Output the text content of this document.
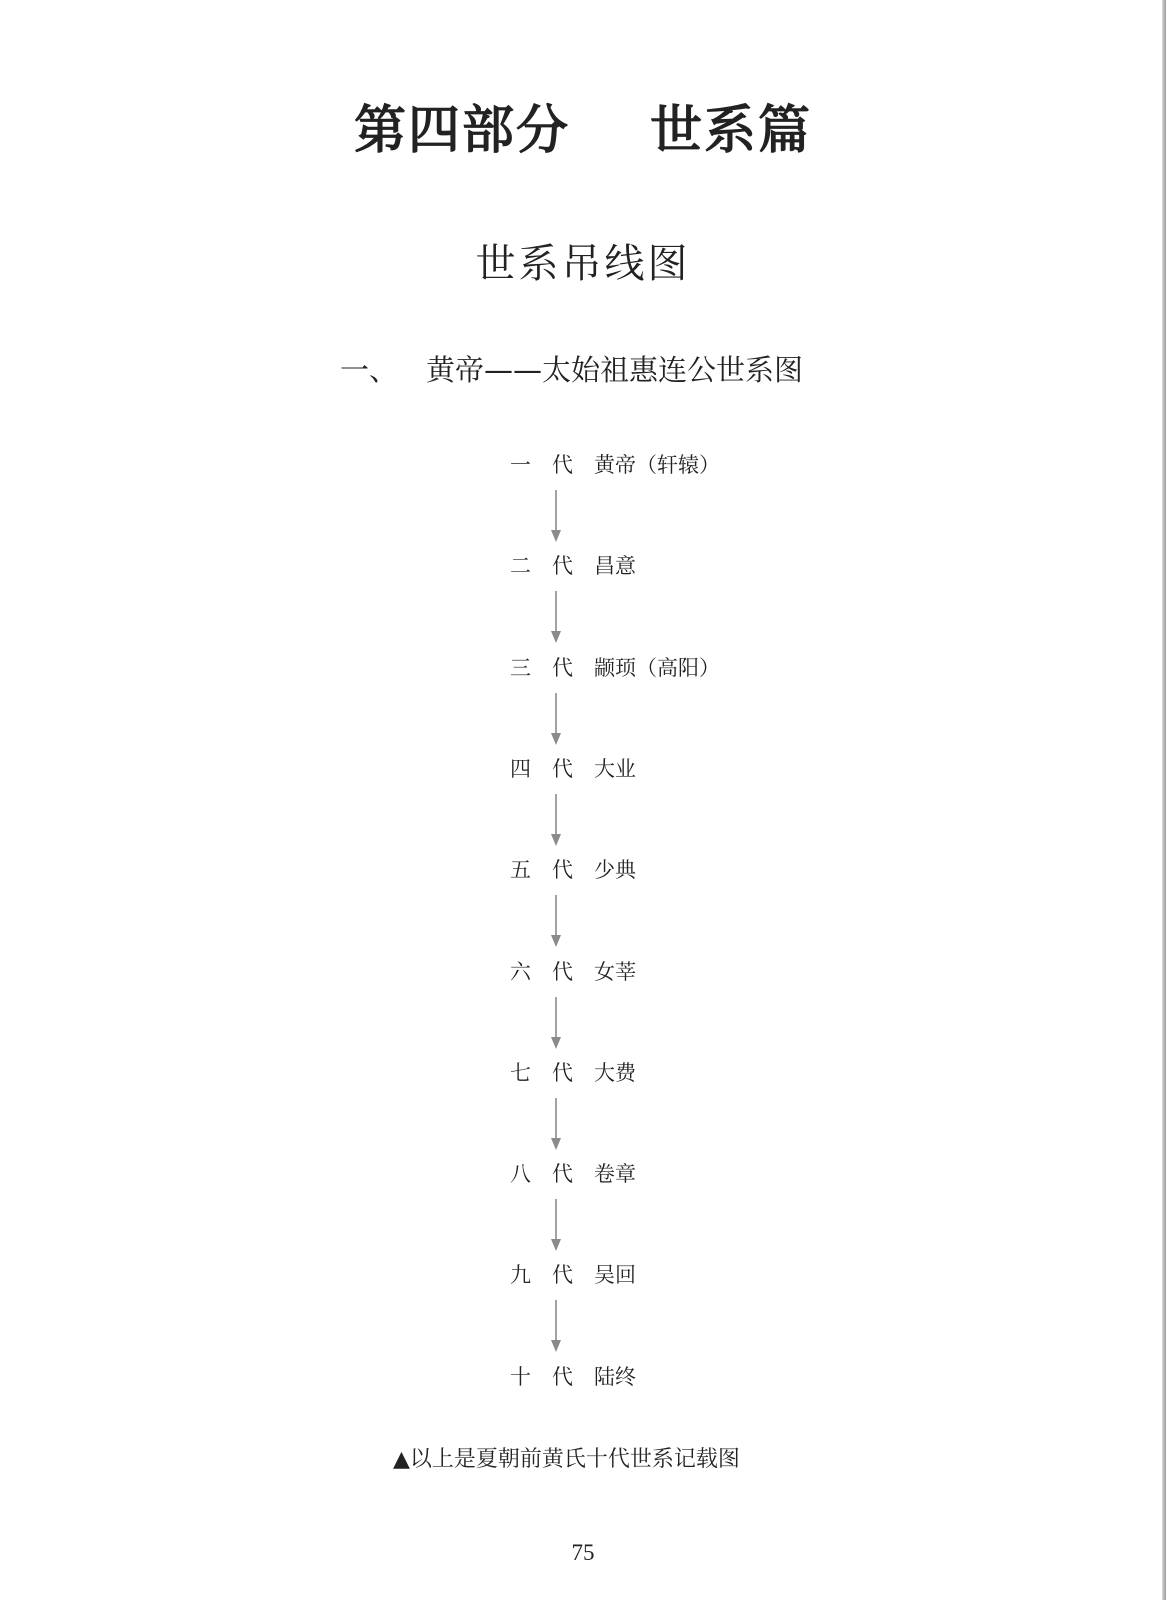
第四部分 世系篇
世系吊线图
一、 黄帝——太始祖惠连公世系图
一 代 黄帝（轩辕）
二 代 昌意
三 代 颛顼（高阳）
四 代 大业
五 代 少典
六 代 女莘
七 代 大费
八 代 卷章
九 代 吴回
十 代 陆终
▲以上是夏朝前黄氏十代世系记载图
75
